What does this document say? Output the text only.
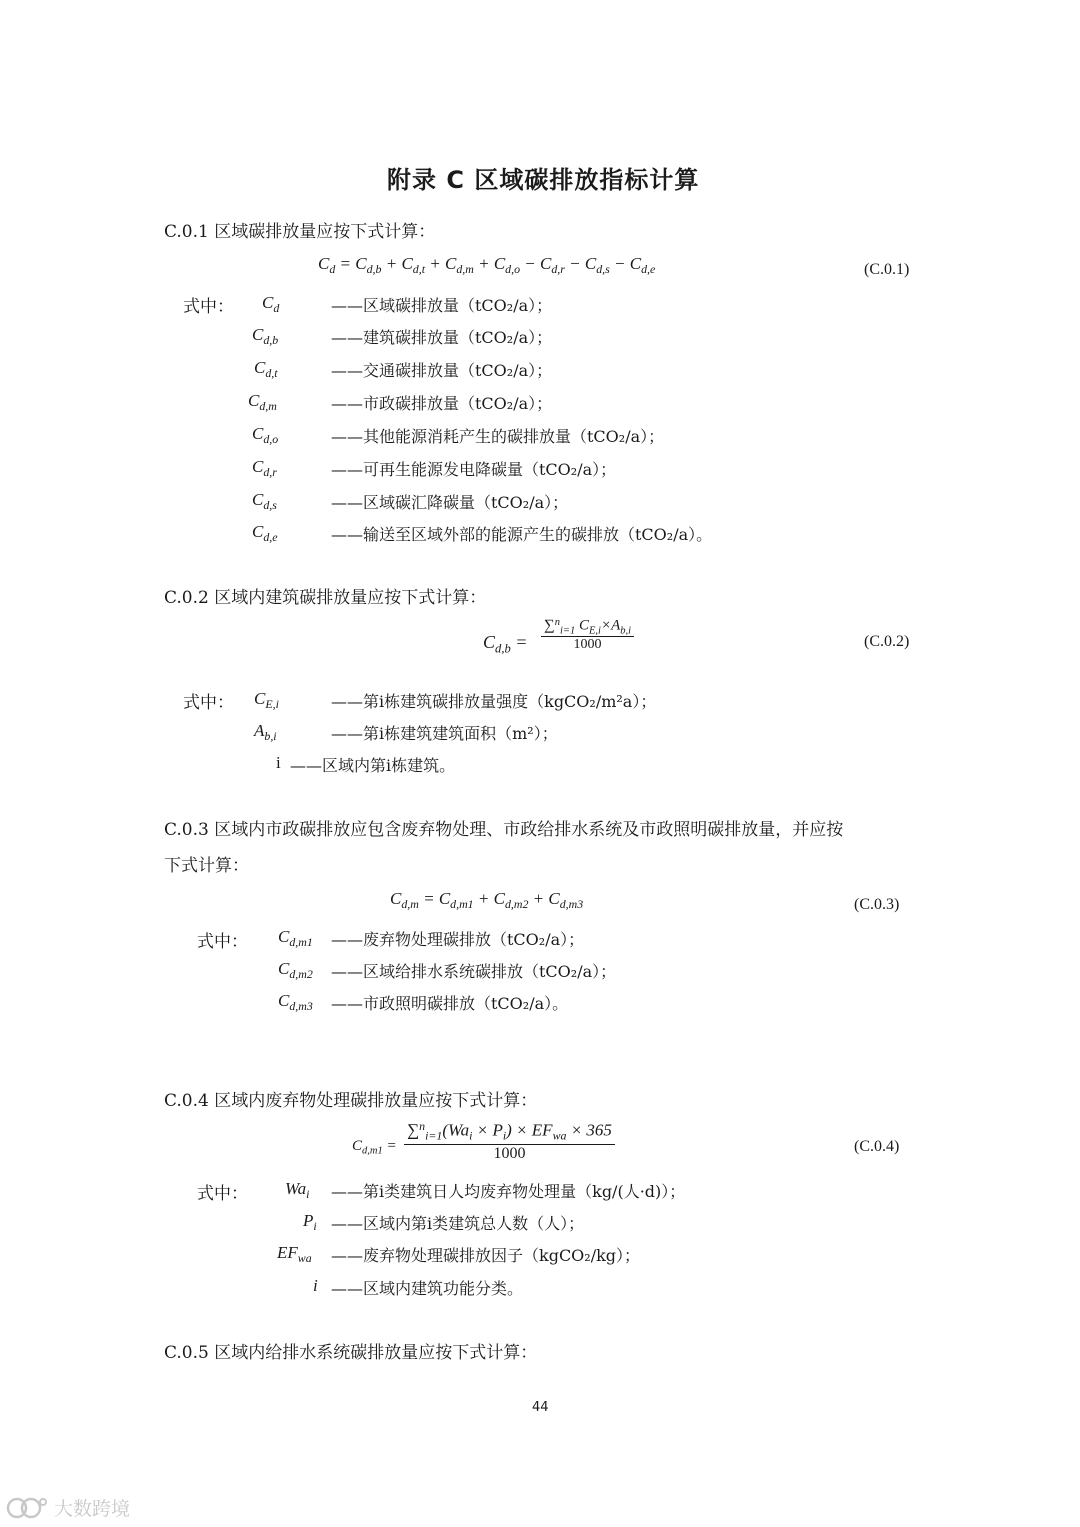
附录 C 区域碳排放指标计算
C.0.1 区域碳排放量应按下式计算：
$C_d = C_{d,b} + C_{d,t} + C_{d,m} + C_{d,o} - C_{d,r} - C_{d,s} - C_{d,e}$	(C.0.1)
式中： $C_d$	——区域碳排放量（tCO₂/a）；
$C_{d,b}$	——建筑碳排放量（tCO₂/a）；
$C_{d,t}$	——交通碳排放量（tCO₂/a）；
$C_{d,m}$	——市政碳排放量（tCO₂/a）；
$C_{d,o}$	——其他能源消耗产生的碳排放量（tCO₂/a）；
$C_{d,r}$	——可再生能源发电降碳量（tCO₂/a）；
$C_{d,s}$	——区域碳汇降碳量（tCO₂/a）；
$C_{d,e}$	——输送至区域外部的能源产生的碳排放（tCO₂/a）。
C.0.2 区域内建筑碳排放量应按下式计算：
$C_{d,b} = \frac{\sum^n_{i=1} C_{E,i}\times A_{b,i}}{1000}$	(C.0.2)
式中： $C_{E,i}$	——第i栋建筑碳排放量强度（kgCO₂/m²a）；
$A_{b,i}$	——第i栋建筑建筑面积（m²）；
i ——区域内第i栋建筑。
C.0.3 区域内市政碳排放应包含废弃物处理、市政给排水系统及市政照明碳排放量，并应按
下式计算：
$C_{d,m} = C_{d,m1} + C_{d,m2} + C_{d,m3}$	(C.0.3)
式中： $C_{d,m1}$ ——废弃物处理碳排放（tCO₂/a）；
$C_{d,m2}$ ——区域给排水系统碳排放（tCO₂/a）；
$C_{d,m3}$ ——市政照明碳排放（tCO₂/a）。
C.0.4 区域内废弃物处理碳排放量应按下式计算：
$C_{d,m1}$ =
$\sum^n_{i=1}(Wa_i \times P_i) \times EF_{wa} \times 365$
1000	(C.0.4)
式中： $Wa_i$ ——第i类建筑日人均废弃物处理量（kg/(人·d)）；
$P_i$ ——区域内第i类建筑总人数（人）；
$EF_{wa}$ ——废弃物处理碳排放因子（kgCO₂/kg）；
i ——区域内建筑功能分类。
C.0.5 区域内给排水系统碳排放量应按下式计算：
44
大数跨境
